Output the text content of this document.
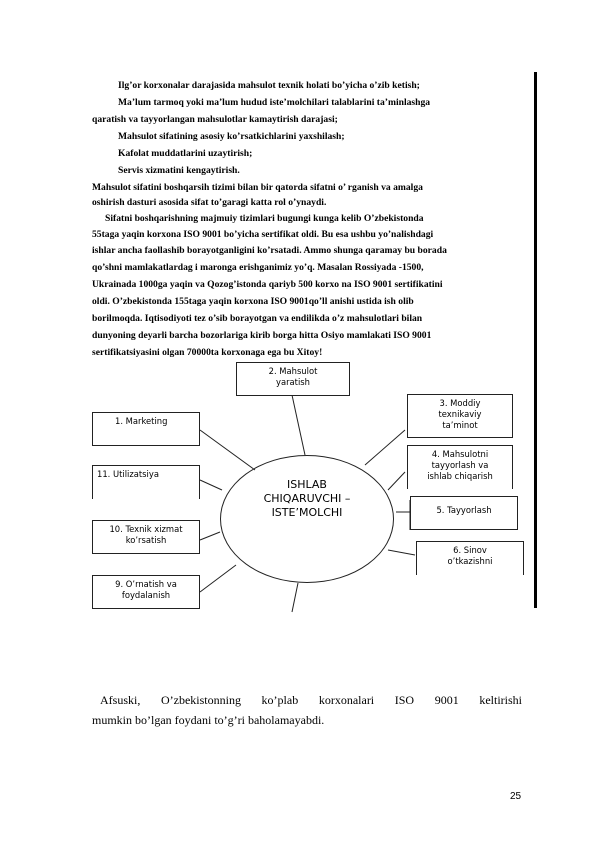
Ilg’or korxonalar darajasida mahsulot texnik holati bo’yicha o’zib ketish;
Ma’lum tarmoq yoki ma’lum hudud iste’molchilari talablarini ta’minlashga
qaratish va tayyorlangan mahsulotlar kamaytirish darajasi;
Mahsulot sifatining asosiy ko’rsatkichlarini yaxshilash;
Kafolat muddatlarini uzaytirish;
Servis xizmatini kengaytirish.
Mahsulot sifatini boshqarsih tizimi bilan bir qatorda sifatni o’ rganish va amalga
oshirish dasturi asosida sifat to’garagi katta rol o’ynaydi.
Sifatni boshqarishning majmuiy tizimlari bugungi kunga kelib O’zbekistonda
55taga yaqin korxona ISO 9001 bo’yicha sertifikat oldi. Bu esa ushbu yo’nalishdagi
ishlar ancha faollashib borayotganligini ko’rsatadi. Ammo shunga qaramay bu borada
qo’shni mamlakatlardag i maronga erishganimiz yo’q. Masalan Rossiyada -1500,
Ukrainada 1000ga yaqin va Qozog’istonda qariyb 500 korxo na ISO 9001 sertifikatini
oldi. O’zbekistonda 155taga yaqin korxona ISO 9001qo’ll anishi ustida ish olib
borilmoqda. Iqtisodiyoti tez o’sib borayotgan va endilikda o’z mahsulotlari bilan
dunyoning deyarli barcha bozorlariga kirib borga hitta Osiyo mamlakati ISO 9001
sertifikatsiyasini olgan 70000ta korxonaga ega bu Xitoy!
2. Mahsulot
yaratish
1. Marketing
3. Moddiy
texnikaviy
ta’minot
4. Mahsulotni
tayyorlash va
ishlab chiqarish
11. Utilizatsiya
5. Tayyorlash
10. Texnik xizmat
ko’rsatish
6. Sinov
o’tkazishni
9. O’rnatish va
foydalanish
ISHLAB
CHIQARUVCHI –
ISTE’MOLCHI
Afsuski, O’zbekistonning ko’plab korxonalari ISO 9001 keltirishi
mumkin bo’lgan foydani to’g’ri baholamayabdi.
25
